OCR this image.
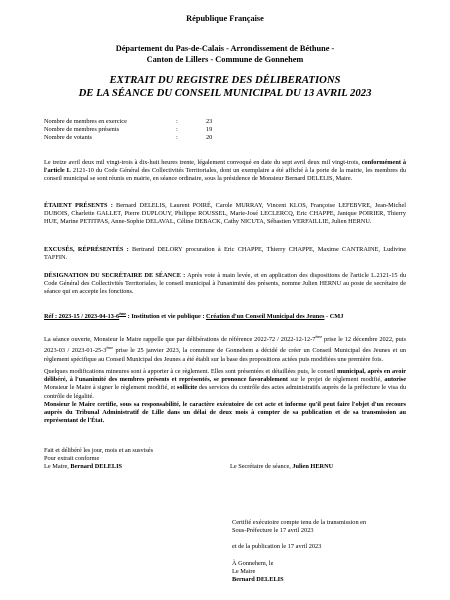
République Française
Département du Pas-de-Calais - Arrondissement de Béthune -
Canton de Lillers - Commune de Gonnehem
EXTRAIT DU REGISTRE DES DÉLIBERATIONS
DE LA SÉANCE DU CONSEIL MUNICIPAL DU 13 AVRIL 2023
Nombre de membres en exercice	:	23
Nombre de membres présents	:	19
Nombre de votants	:	20
Le treize avril deux mil vingt-trois à dix-huit heures trente, légalement convoqué en date du sept avril deux mil vingt-trois, conformément à l'article L 2121-10 du Code Général des Collectivités Territoriales, dont un exemplaire a été affiché à la porte de la mairie, les membres du conseil municipal se sont réunis en mairie, en séance ordinaire, sous la présidence de Monsieur Bernard DELELIS, Maire.
ÉTAIENT PRÉSENTS : Bernard DELELIS, Laurent POIRÉ, Carole MURRAY, Vincent KLOS, Françoise LEFEBVRE, Jean-Michel DUBOIS, Charlette GALLET, Pierre DUPLOUY, Philippe ROUSSEL, Marie-José LECLERCQ, Eric CHAPPE, Janique POIRIER, Thierry HUE, Marine PETITPAS, Anne-Sophie DELAVAL, Céline DEBACK, Cathy NICUTA, Sébastien VERFAILLIE, Julien HERNU.
EXCUSÉS, RÉPRÉSENTÉS : Bertrand DELORY procuration à Eric CHAPPE, Thierry CHAPPE, Maxime CANTRAINE, Ludivine TAFFIN.
DÉSIGNATION DU SECRÉTAIRE DE SÉANCE : Après vote à main levée, et en application des dispositions de l'article L.2121-15 du Code Général des Collectivités Territoriales, le conseil municipal à l'unanimité des présents, nomme Julien HERNU au poste de secrétaire de séance qui en accepte les fonctions.
Réf : 2023-15 / 2023-04-13-6ème : Institution et vie publique : Création d'un Conseil Municipal des Jeunes - CMJ
La séance ouverte, Monsieur le Maire rappelle que par délibérations de référence 2022-72 / 2022-12-12-7ème prise le 12 décembre 2022, puis 2023-03 / 2023-01-25-3ème prise le 25 janvier 2023, la commune de Gonnehem a décidé de créer un Conseil Municipal des Jeunes et un règlement spécifique au Conseil Municipal des Jeunes a été établi sur la base des propositions actées puis modifiées une première fois.
Quelques modifications mineures sont à apporter à ce règlement. Elles sont présentées et détaillées puis, le conseil municipal, après en avoir délibéré, à l'unanimité des membres présents et représentés, se prononce favorablement sur le projet de règlement modifié, autorise Monsieur le Maire à signer le règlement modifié, et sollicite des services du contrôle des actes administratifs auprès de la préfecture le visa du contrôle de légalité.
Monsieur le Maire certifie, sous sa responsabilité, le caractère exécutoire de cet acte et informe qu'il peut faire l'objet d'un recours auprès du Tribunal Administratif de Lille dans un délai de deux mois à compter de sa publication et de sa transmission au représentant de l'État.
Fait et délibéré les jour, mois et an susvisés
Pour extrait conforme
Le Maire, Bernard DELELIS	Le Secrétaire de séance, Julien HERNU
Certifié exécutoire compte tenu de la transmission en
Sous-Préfecture le 17 avril 2023
et de la publication le 17 avril 2023
À Gonnehem, le
Le Maire
Bernard DELELIS
